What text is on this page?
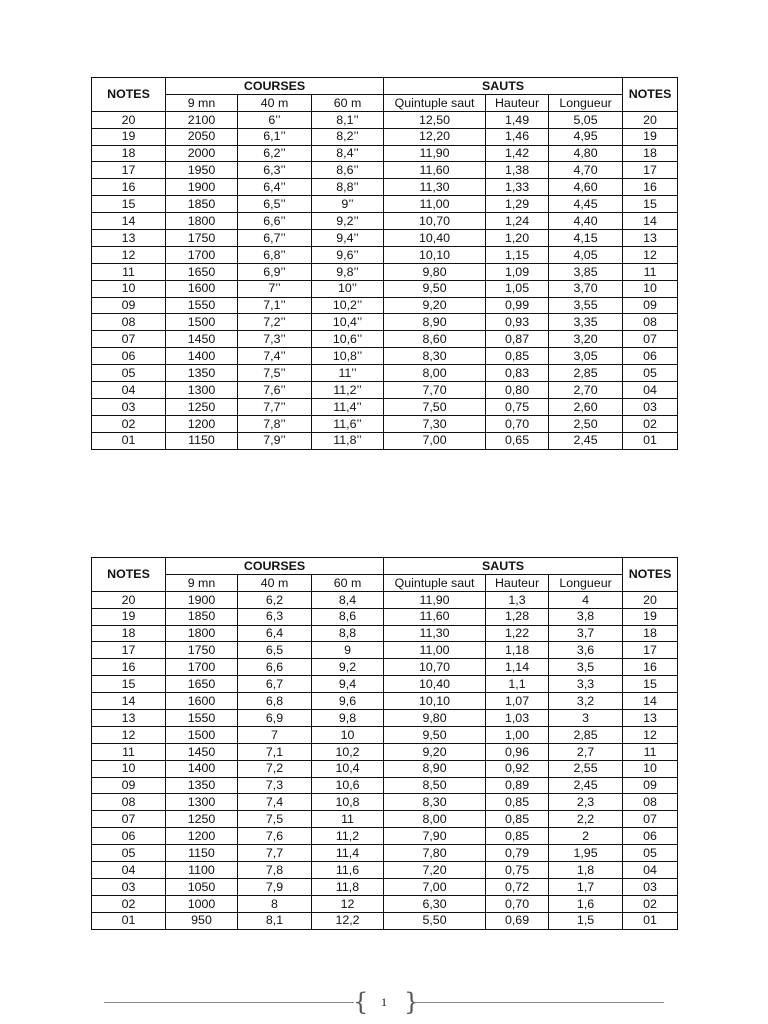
NOTES	COURSES			SAUTS			NOTES
	9 mn	40 m	60 m	Quintuple saut	Hauteur	Longueur	
20	2100	6’’	8,1’’	12,50	1,49	5,05	20
19	2050	6,1’’	8,2’’	12,20	1,46	4,95	19
18	2000	6,2’’	8,4’’	11,90	1,42	4,80	18
17	1950	6,3’’	8,6’’	11,60	1,38	4,70	17
16	1900	6,4’’	8,8’’	11,30	1,33	4,60	16
15	1850	6,5’’	9’’	11,00	1,29	4,45	15
14	1800	6,6’’	9,2’’	10,70	1,24	4,40	14
13	1750	6,7’’	9,4’’	10,40	1,20	4,15	13
12	1700	6,8’’	9,6’’	10,10	1,15	4,05	12
11	1650	6,9’’	9,8’’	9,80	1,09	3,85	11
10	1600	7’’	10’’	9,50	1,05	3,70	10
09	1550	7,1’’	10,2’’	9,20	0,99	3,55	09
08	1500	7,2’’	10,4’’	8,90	0,93	3,35	08
07	1450	7,3’’	10,6’’	8,60	0,87	3,20	07
06	1400	7,4’’	10,8’’	8,30	0,85	3,05	06
05	1350	7,5’’	11’’	8,00	0,83	2,85	05
04	1300	7,6’’	11,2’’	7,70	0,80	2,70	04
03	1250	7,7’’	11,4’’	7,50	0,75	2,60	03
02	1200	7,8’’	11,6’’	7,30	0,70	2,50	02
01	1150	7,9’’	11,8’’	7,00	0,65	2,45	01
NOTES	COURSES			SAUTS			NOTES
	9 mn	40 m	60 m	Quintuple saut	Hauteur	Longueur	
20	1900	6,2	8,4	11,90	1,3	4	20
19	1850	6,3	8,6	11,60	1,28	3,8	19
18	1800	6,4	8,8	11,30	1,22	3,7	18
17	1750	6,5	9	11,00	1,18	3,6	17
16	1700	6,6	9,2	10,70	1,14	3,5	16
15	1650	6,7	9,4	10,40	1,1	3,3	15
14	1600	6,8	9,6	10,10	1,07	3,2	14
13	1550	6,9	9,8	9,80	1,03	3	13
12	1500	7	10	9,50	1,00	2,85	12
11	1450	7,1	10,2	9,20	0,96	2,7	11
10	1400	7,2	10,4	8,90	0,92	2,55	10
09	1350	7,3	10,6	8,50	0,89	2,45	09
08	1300	7,4	10,8	8,30	0,85	2,3	08
07	1250	7,5	11	8,00	0,85	2,2	07
06	1200	7,6	11,2	7,90	0,85	2	06
05	1150	7,7	11,4	7,80	0,79	1,95	05
04	1100	7,8	11,6	7,20	0,75	1,8	04
03	1050	7,9	11,8	7,00	0,72	1,7	03
02	1000	8	12	6,30	0,70	1,6	02
01	950	8,1	12,2	5,50	0,69	1,5	01
{	1 }
